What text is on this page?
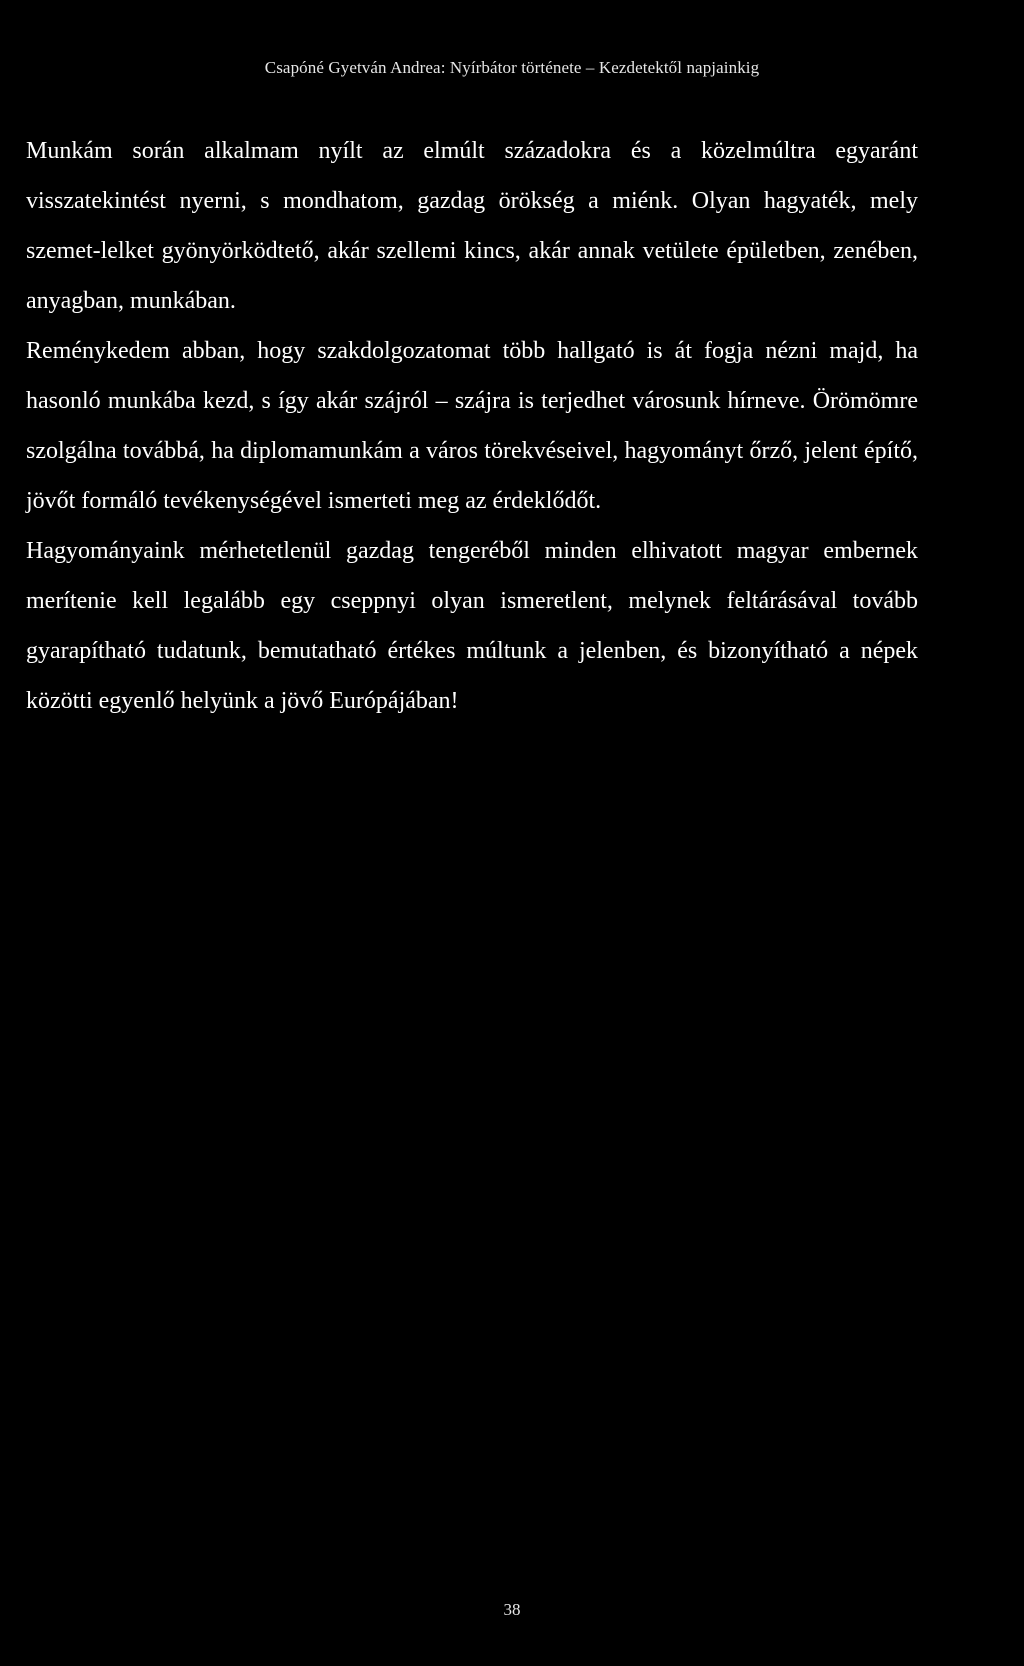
Csapóné Gyetván Andrea: Nyírbátor története – Kezdetektől napjainkig

Munkám során alkalmam nyílt az elmúlt századokra és a közelmúltra egyaránt visszatekintést nyerni, s mondhatom, gazdag örökség a miénk. Olyan hagyaték, mely szemet-lelket gyönyörködtető, akár szellemi kincs, akár annak vetülete épületben, zenében, anyagban, munkában.

Reménykedem abban, hogy szakdolgozatomat több hallgató is át fogja nézni majd, ha hasonló munkába kezd, s így akár szájról – szájra is terjedhet városunk hírneve. Örömömre szolgálna továbbá, ha diplomamunkám a város törekvéseivel, hagyományt őrző, jelent építő, jövőt formáló tevékenységével ismerteti meg az érdeklődőt.

Hagyományaink mérhetetlenül gazdag tengeréből minden elhivatott magyar embernek merítenie kell legalább egy cseppnyi olyan ismeretlent, melynek feltárásával tovább gyarapítható tudatunk, bemutatható értékes múltunk a jelenben, és bizonyítható a népek közötti egyenlő helyünk a jövő Európájában!

38
